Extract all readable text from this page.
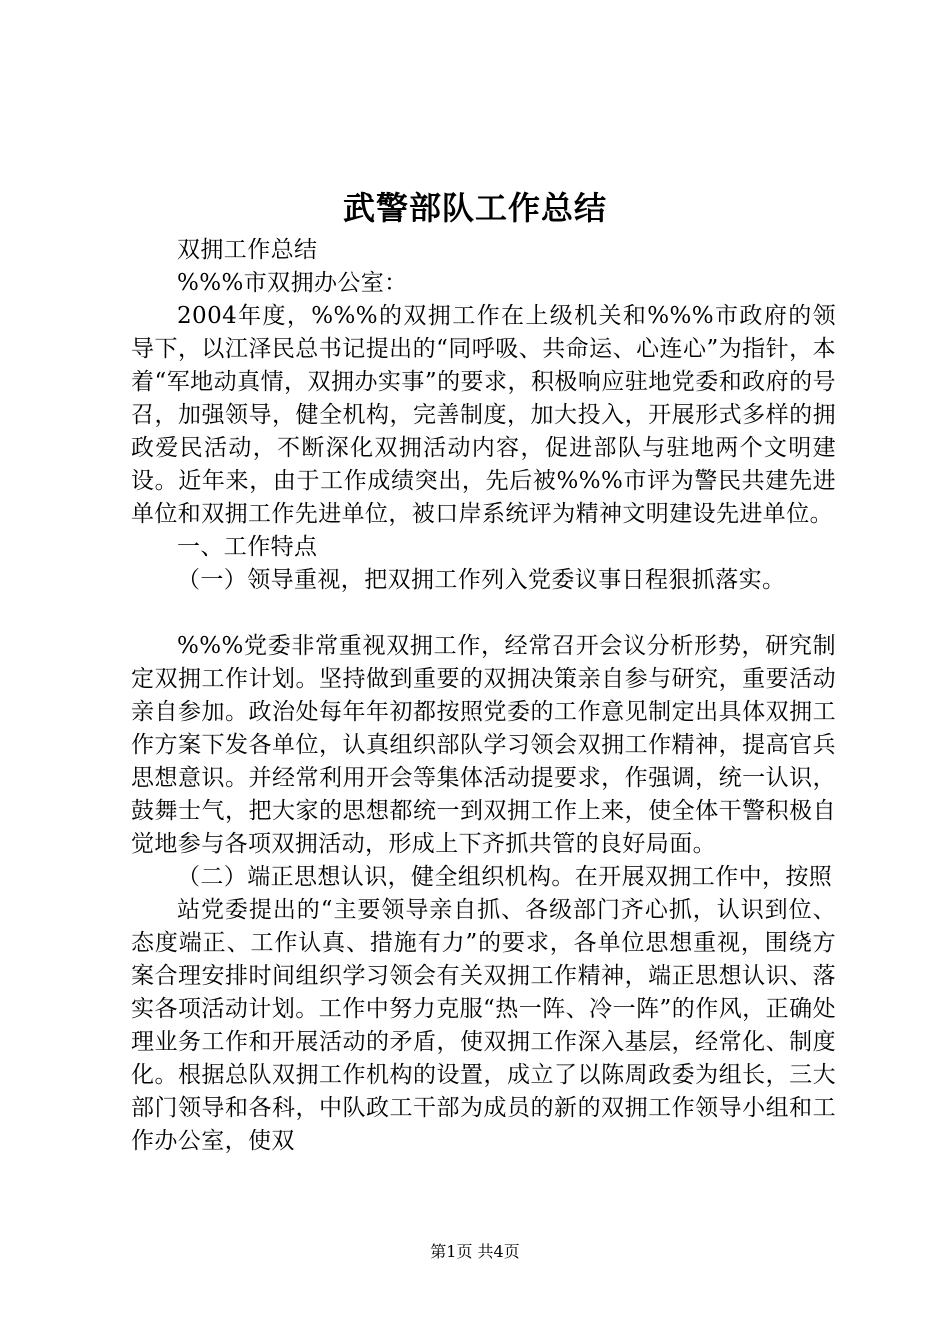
武警部队工作总结

双拥工作总结

%%%市双拥办公室：

2004年度，%%%的双拥工作在上级机关和%%%市政府的领导下，以江泽民总书记提出的“同呼吸、共命运、心连心”为指针，本着“军地动真情，双拥办实事”的要求，积极响应驻地党委和政府的号召，加强领导，健全机构，完善制度，加大投入，开展形式多样的拥政爱民活动，不断深化双拥活动内容，促进部队与驻地两个文明建设。近年来，由于工作成绩突出，先后被%%%市评为警民共建先进单位和双拥工作先进单位，被口岸系统评为精神文明建设先进单位。

一、工作特点

（一）领导重视，把双拥工作列入党委议事日程狠抓落实。

%%%党委非常重视双拥工作，经常召开会议分析形势，研究制定双拥工作计划。坚持做到重要的双拥决策亲自参与研究，重要活动亲自参加。政治处每年年初都按照党委的工作意见制定出具体双拥工作方案下发各单位，认真组织部队学习领会双拥工作精神，提高官兵思想意识。并经常利用开会等集体活动提要求，作强调，统一认识，鼓舞士气，把大家的思想都统一到双拥工作上来，使全体干警积极自觉地参与各项双拥活动，形成上下齐抓共管的良好局面。

（二）端正思想认识，健全组织机构。在开展双拥工作中，按照

站党委提出的“主要领导亲自抓、各级部门齐心抓，认识到位、态度端正、工作认真、措施有力”的要求，各单位思想重视，围绕方案合理安排时间组织学习领会有关双拥工作精神，端正思想认识、落实各项活动计划。工作中努力克服“热一阵、冷一阵”的作风，正确处理业务工作和开展活动的矛盾，使双拥工作深入基层，经常化、制度化。根据总队双拥工作机构的设置，成立了以陈周政委为组长，三大部门领导和各科，中队政工干部为成员的新的双拥工作领导小组和工作办公室，使双

第1页 共4页
